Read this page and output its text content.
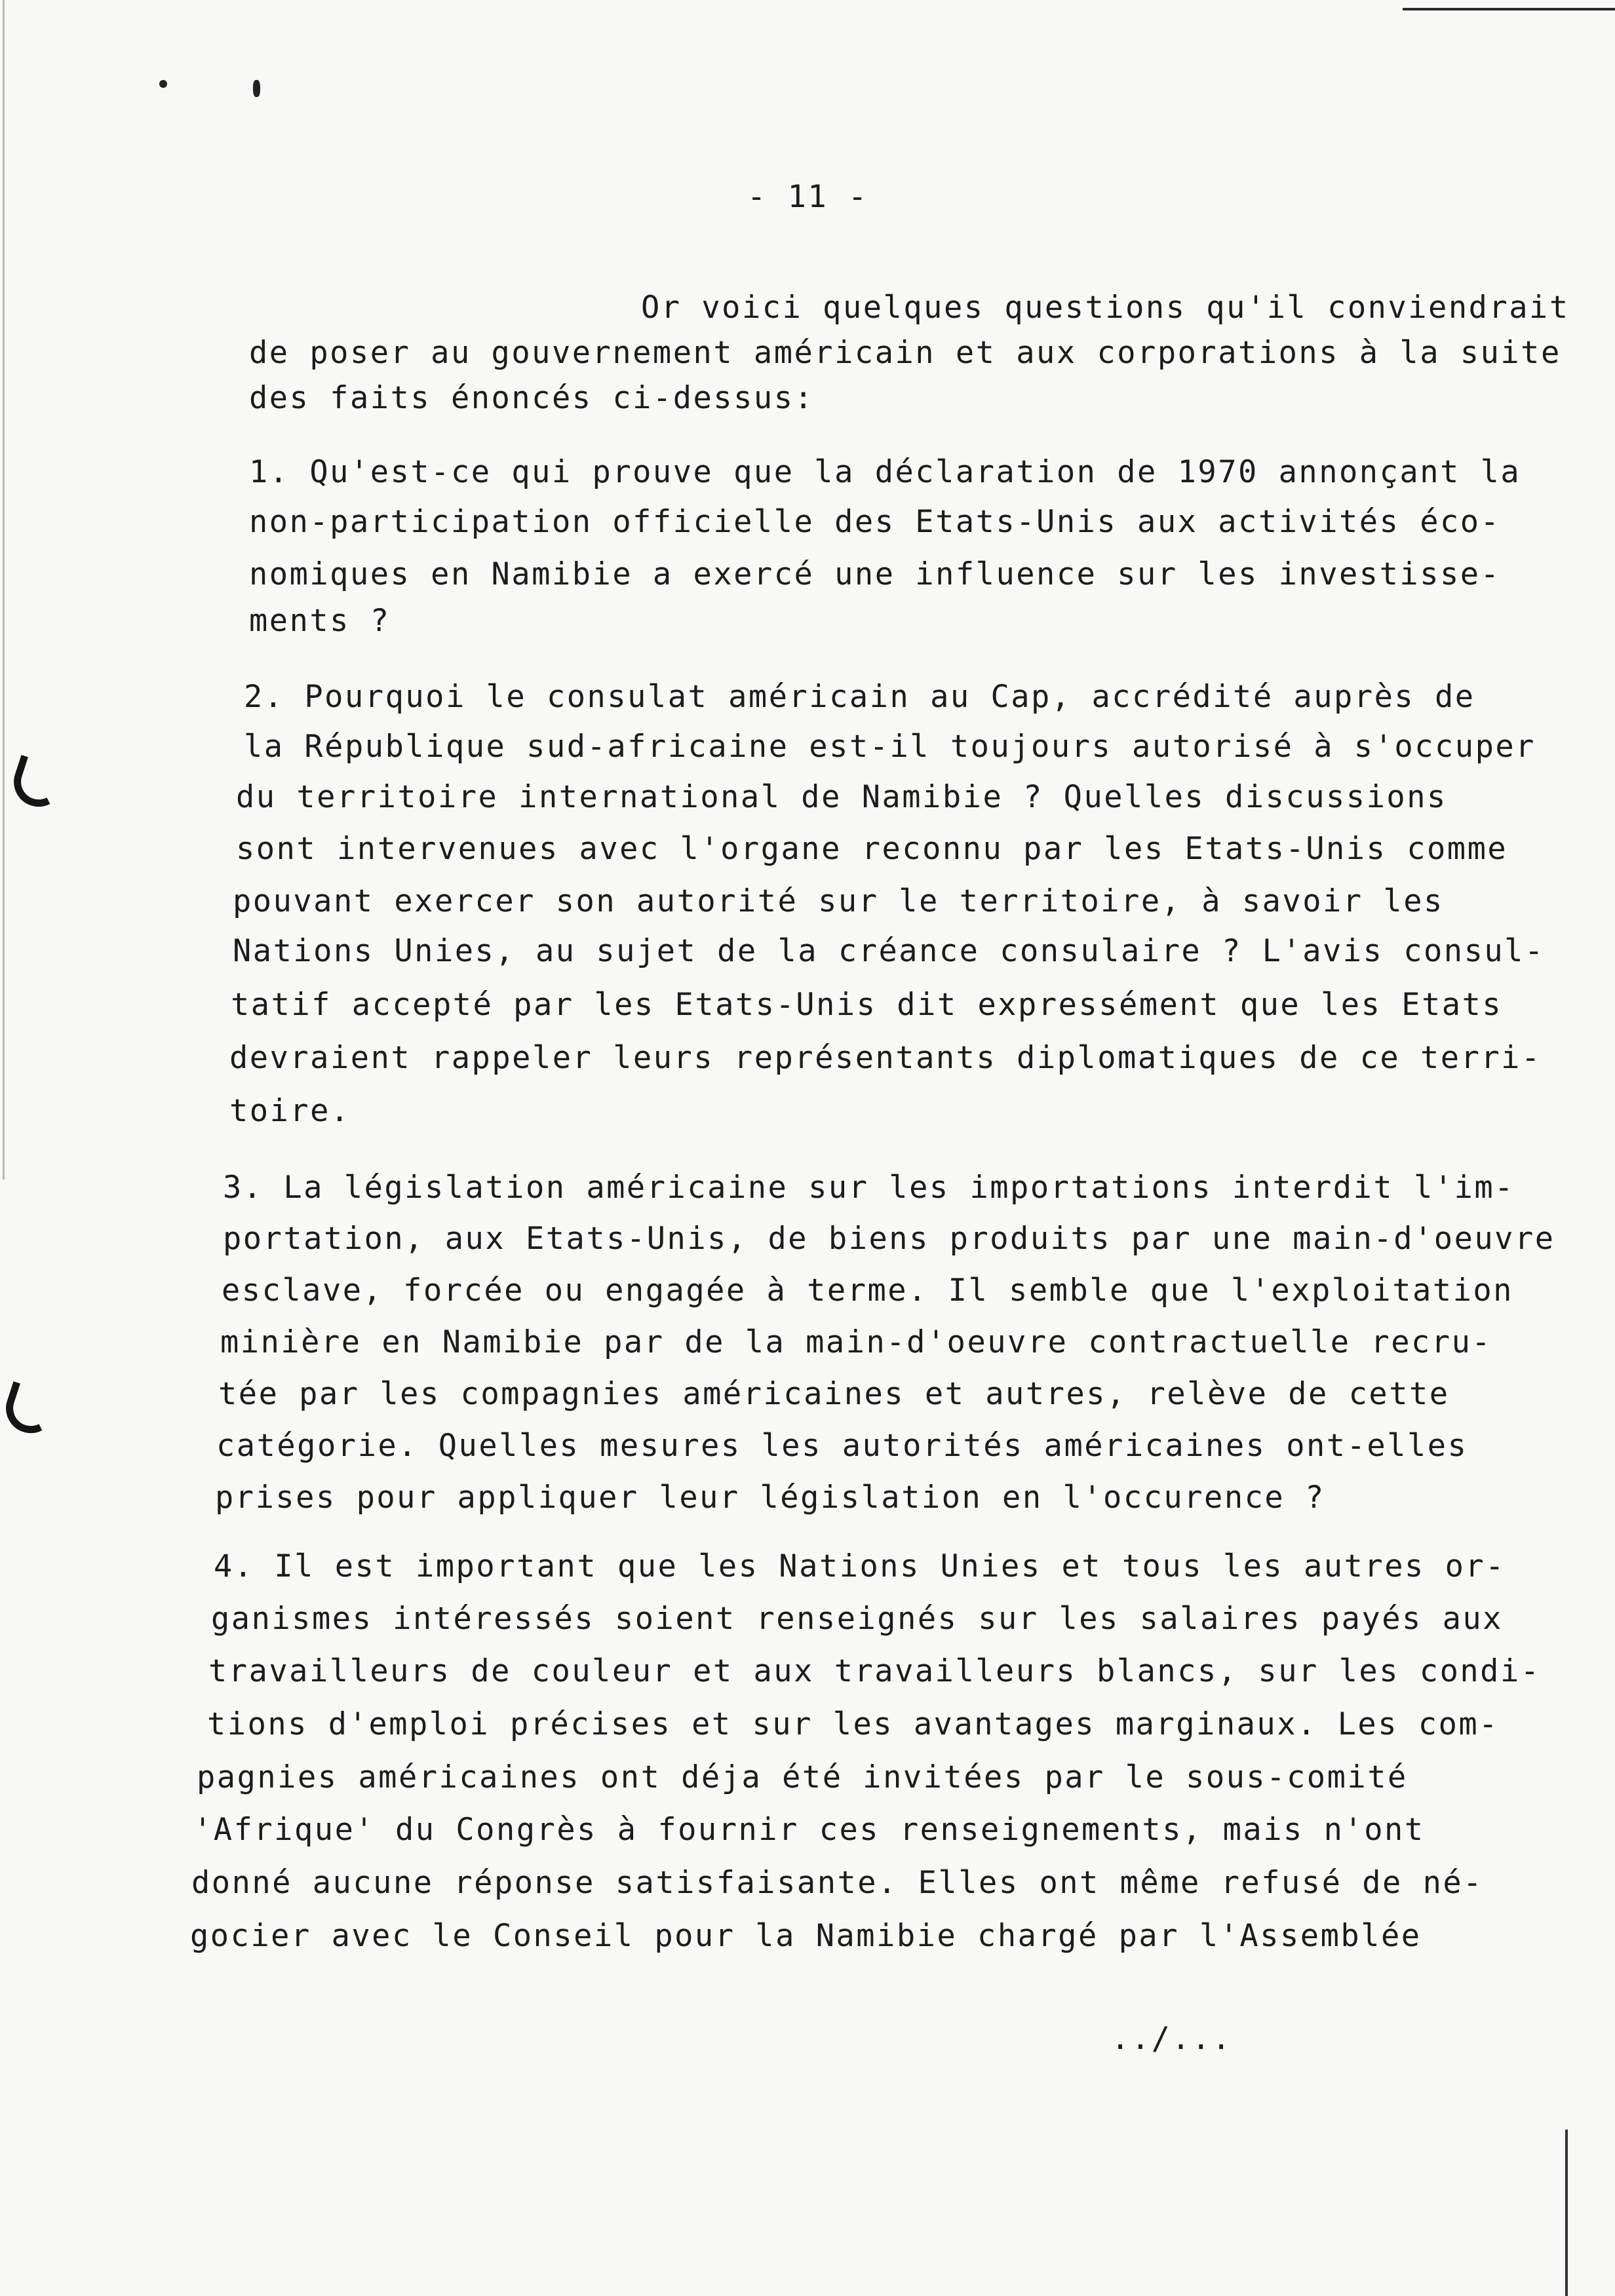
- 11 -
Or voici quelques questions qu'il conviendrait
de poser au gouvernement américain et aux corporations à la suite
des faits énoncés ci-dessus:
1. Qu'est-ce qui prouve que la déclaration de 1970 annonçant la
non-participation officielle des Etats-Unis aux activités éco-
nomiques en Namibie a exercé une influence sur les investisse-
ments ?
2. Pourquoi le consulat américain au Cap, accrédité auprès de
la République sud-africaine est-il toujours autorisé à s'occuper
du territoire international de Namibie ? Quelles discussions
sont intervenues avec l'organe reconnu par les Etats-Unis comme
pouvant exercer son autorité sur le territoire, à savoir les
Nations Unies, au sujet de la créance consulaire ? L'avis consul-
tatif accepté par les Etats-Unis dit expressément que les Etats
devraient rappeler leurs représentants diplomatiques de ce terri-
toire.
3. La législation américaine sur les importations interdit l'im-
portation, aux Etats-Unis, de biens produits par une main-d'oeuvre
esclave, forcée ou engagée à terme. Il semble que l'exploitation
minière en Namibie par de la main-d'oeuvre contractuelle recru-
tée par les compagnies américaines et autres, relève de cette
catégorie. Quelles mesures les autorités américaines ont-elles
prises pour appliquer leur législation en l'occurence ?
4. Il est important que les Nations Unies et tous les autres or-
ganismes intéressés soient renseignés sur les salaires payés aux
travailleurs de couleur et aux travailleurs blancs, sur les condi-
tions d'emploi précises et sur les avantages marginaux. Les com-
pagnies américaines ont déja été invitées par le sous-comité
'Afrique' du Congrès à fournir ces renseignements, mais n'ont
donné aucune réponse satisfaisante. Elles ont même refusé de né-
gocier avec le Conseil pour la Namibie chargé par l'Assemblée
../...
